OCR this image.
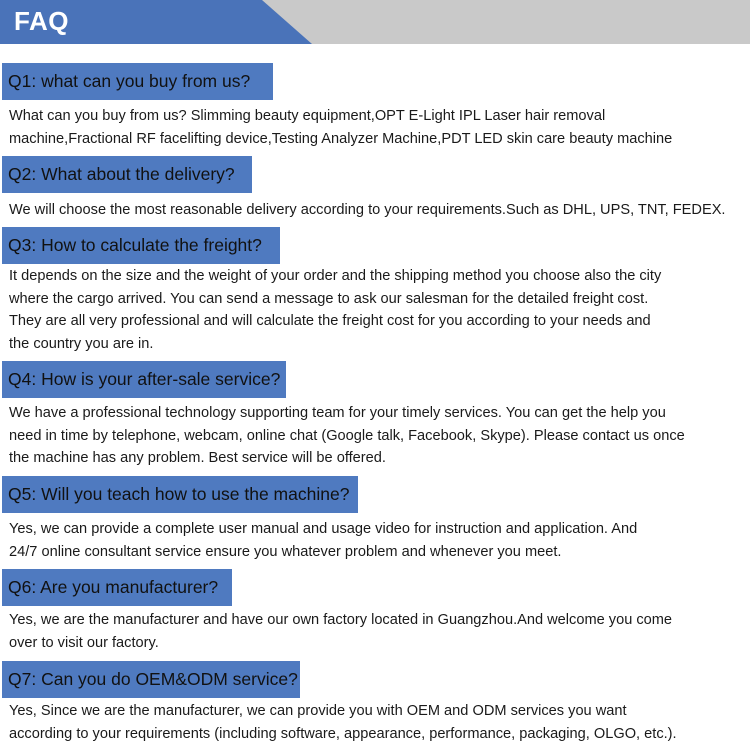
FAQ
Q1: what can you buy from us?
What can you buy from us? Slimming beauty equipment,OPT E-Light IPL Laser hair removal
machine,Fractional RF facelifting device,Testing Analyzer Machine,PDT LED skin care beauty machine
Q2: What about the delivery?
We will choose the most reasonable delivery according to your requirements.Such as DHL, UPS, TNT, FEDEX.
Q3: How to calculate the freight?
It depends on the size and the weight of your order and the shipping method you choose also the city
where the cargo arrived. You can send a message to ask our salesman for the detailed freight cost.
They are all very professional and will calculate the freight cost for you according to your needs and
the country you are in.
Q4: How is your after-sale service?
We have a professional technology supporting team for your timely services. You can get the help you
need in time by telephone, webcam, online chat (Google talk, Facebook, Skype). Please contact us once
the machine has any problem. Best service will be offered.
Q5: Will you teach how to use the machine?
Yes, we can provide a complete user manual and usage video for instruction and application. And
24/7 online consultant service ensure you whatever problem and whenever you meet.
Q6: Are you manufacturer?
Yes, we are the manufacturer and have our own factory located in Guangzhou.And welcome you come
over to visit our factory.
Q7: Can you do OEM&ODM service?
Yes, Since we are the manufacturer, we can provide you with OEM and ODM services you want
according to your requirements (including software, appearance, performance, packaging, OLGO, etc.).
